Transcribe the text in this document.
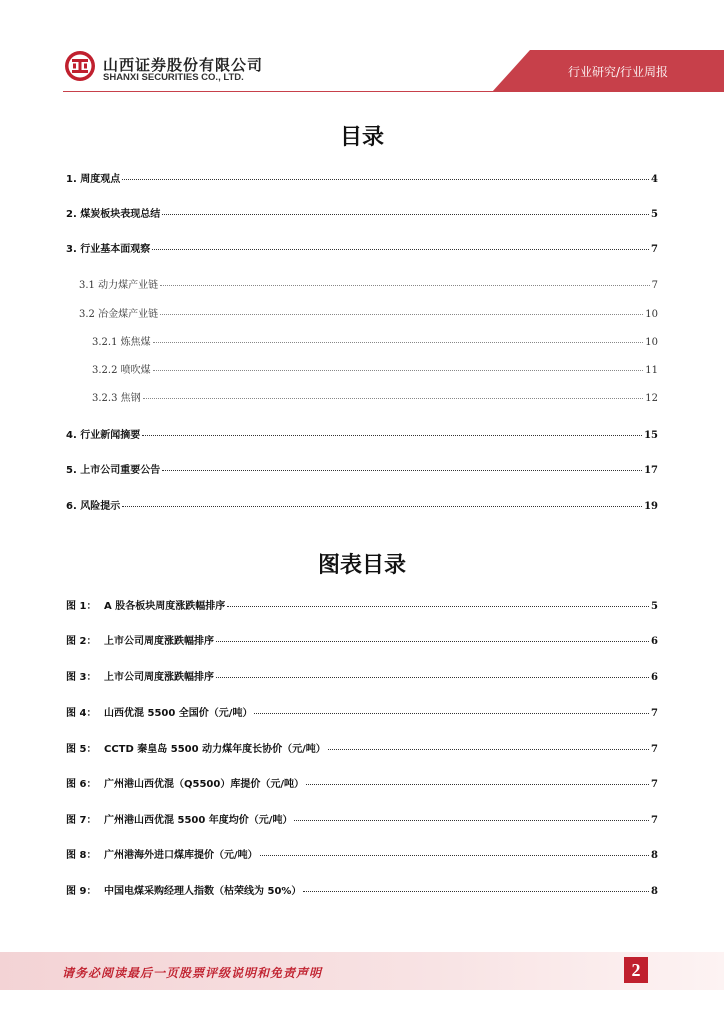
山西证券股份有限公司
SHANXI SECURITIES CO., LTD.	行业研究/行业周报
目录
1. 周度观点	4
2. 煤炭板块表现总结	5
3. 行业基本面观察	7
3.1 动力煤产业链	7
3.2 冶金煤产业链	10
3.2.1 炼焦煤	10
3.2.2 喷吹煤	11
3.2.3 焦钢	12
4. 行业新闻摘要	15
5. 上市公司重要公告	17
6. 风险提示	19
图表目录
图 1： A 股各板块周度涨跌幅排序	5
图 2： 上市公司周度涨跌幅排序	6
图 3： 上市公司周度涨跌幅排序	6
图 4： 山西优混 5500 全国价（元/吨）	7
图 5： CCTD 秦皇岛 5500 动力煤年度长协价（元/吨）	7
图 6： 广州港山西优混（Q5500）库提价（元/吨）	7
图 7： 广州港山西优混 5500 年度均价（元/吨）	7
图 8： 广州港海外进口煤库提价（元/吨）	8
图 9： 中国电煤采购经理人指数（枯荣线为 50%）	8
请务必阅读最后一页股票评级说明和免责声明	2
